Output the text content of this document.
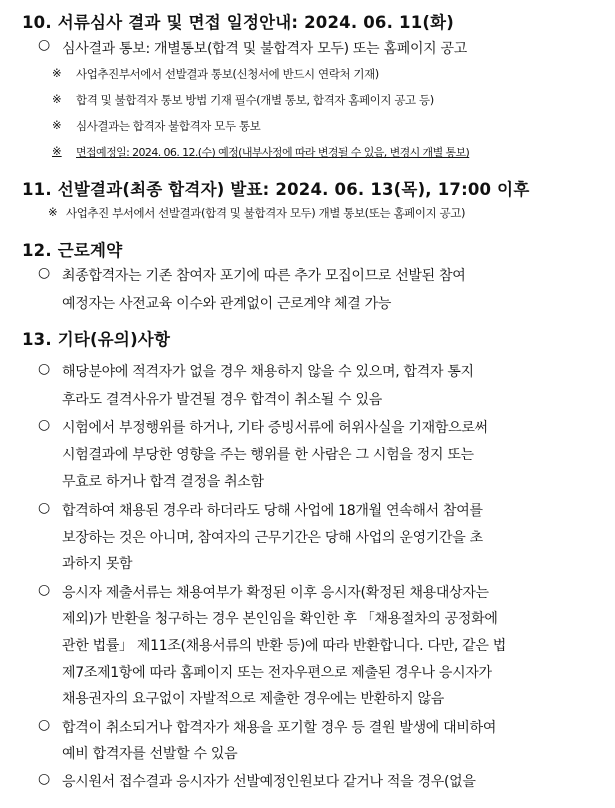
10. 서류심사 결과 및 면접 일정안내: 2024. 06. 11(화)
○ 심사결과 통보: 개별통보(합격 및 불합격자 모두) 또는 홈페이지 공고
※ 사업추진부서에서 선발결과 통보(신청서에 반드시 연락처 기재)
※ 합격 및 불합격자 통보 방법 기재 필수(개별 통보, 합격자 홈페이지 공고 등)
※ 심사결과는 합격자 불합격자 모두 통보
※ 면접예정일: 2024. 06. 12.(수) 예정(내부사정에 따라 변경될 수 있음, 변경시 개별 통보)
11. 선발결과(최종 합격자) 발표: 2024. 06. 13(목), 17:00 이후
※ 사업추진 부서에서 선발결과(합격 및 불합격자 모두) 개별 통보(또는 홈페이지 공고)
12. 근로계약
○ 최종합격자는 기존 참여자 포기에 따른 추가 모집이므로 선발된 참여
예정자는 사전교육 이수와 관계없이 근로계약 체결 가능
13. 기타(유의)사항
○ 해당분야에 적격자가 없을 경우 채용하지 않을 수 있으며, 합격자 통지
후라도 결격사유가 발견될 경우 합격이 취소될 수 있음
○ 시험에서 부정행위를 하거나, 기타 증빙서류에 허위사실을 기재함으로써
시험결과에 부당한 영향을 주는 행위를 한 사람은 그 시험을 정지 또는
무효로 하거나 합격 결정을 취소함
○ 합격하여 채용된 경우라 하더라도 당해 사업에 18개월 연속해서 참여를
보장하는 것은 아니며, 참여자의 근무기간은 당해 사업의 운영기간을 초
과하지 못함
○ 응시자 제출서류는 채용여부가 확정된 이후 응시자(확정된 채용대상자는
제외)가 반환을 청구하는 경우 본인임을 확인한 후 「채용절차의 공정화에
관한 법률」 제11조(채용서류의 반환 등)에 따라 반환합니다. 다만, 같은 법
제7조제1항에 따라 홈페이지 또는 전자우편으로 제출된 경우나 응시자가
채용권자의 요구없이 자발적으로 제출한 경우에는 반환하지 않음
○ 합격이 취소되거나 합격자가 채용을 포기할 경우 등 결원 발생에 대비하여
예비 합격자를 선발할 수 있음
○ 응시원서 접수결과 응시자가 선발예정인원보다 같거나 적을 경우(없을
